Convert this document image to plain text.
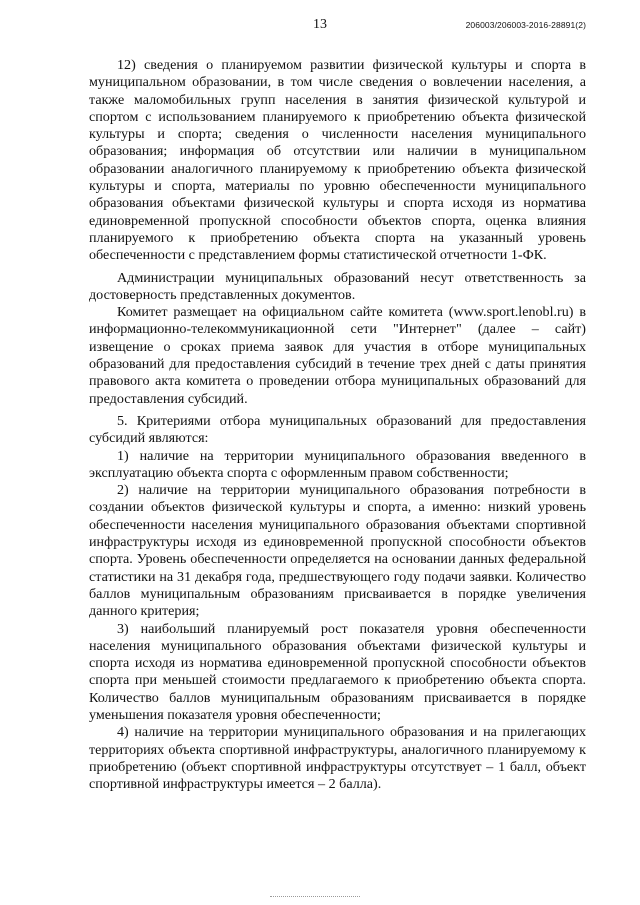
13	206003/206003-2016-28891(2)

12) сведения о планируемом развитии физической культуры и спорта в муниципальном образовании, в том числе сведения о вовлечении населения, а также маломобильных групп населения в занятия физической культурой и спортом с использованием планируемого к приобретению объекта физической культуры и спорта; сведения о численности населения муниципального образования; информация об отсутствии или наличии в муниципальном образовании аналогичного планируемому к приобретению объекта физической культуры и спорта, материалы по уровню обеспеченности муниципального образования объектами физической культуры и спорта исходя из норматива единовременной пропускной способности объектов спорта, оценка влияния планируемого к приобретению объекта спорта на указанный уровень обеспеченности с представлением формы статистической отчетности 1-ФК.

Администрации муниципальных образований несут ответственность за достоверность представленных документов.

Комитет размещает на официальном сайте комитета (www.sport.lenobl.ru) в информационно-телекоммуникационной сети "Интернет" (далее – сайт) извещение о сроках приема заявок для участия в отборе муниципальных образований для предоставления субсидий в течение трех дней с даты принятия правового акта комитета о проведении отбора муниципальных образований для предоставления субсидий.

5. Критериями отбора муниципальных образований для предоставления субсидий являются:

1) наличие на территории муниципального образования введенного в эксплуатацию объекта спорта с оформленным правом собственности;

2) наличие на территории муниципального образования потребности в создании объектов физической культуры и спорта, а именно: низкий уровень обеспеченности населения муниципального образования объектами спортивной инфраструктуры исходя из единовременной пропускной способности объектов спорта. Уровень обеспеченности определяется на основании данных федеральной статистики на 31 декабря года, предшествующего году подачи заявки. Количество баллов муниципальным образованиям присваивается в порядке увеличения данного критерия;

3) наибольший планируемый рост показателя уровня обеспеченности населения муниципального образования объектами физической культуры и спорта исходя из норматива единовременной пропускной способности объектов спорта при меньшей стоимости предлагаемого к приобретению объекта спорта. Количество баллов муниципальным образованиям присваивается в порядке уменьшения показателя уровня обеспеченности;

4) наличие на территории муниципального образования и на прилегающих территориях объекта спортивной инфраструктуры, аналогичного планируемому к приобретению (объект спортивной инфраструктуры отсутствует – 1 балл, объект спортивной инфраструктуры имеется – 2 балла).
